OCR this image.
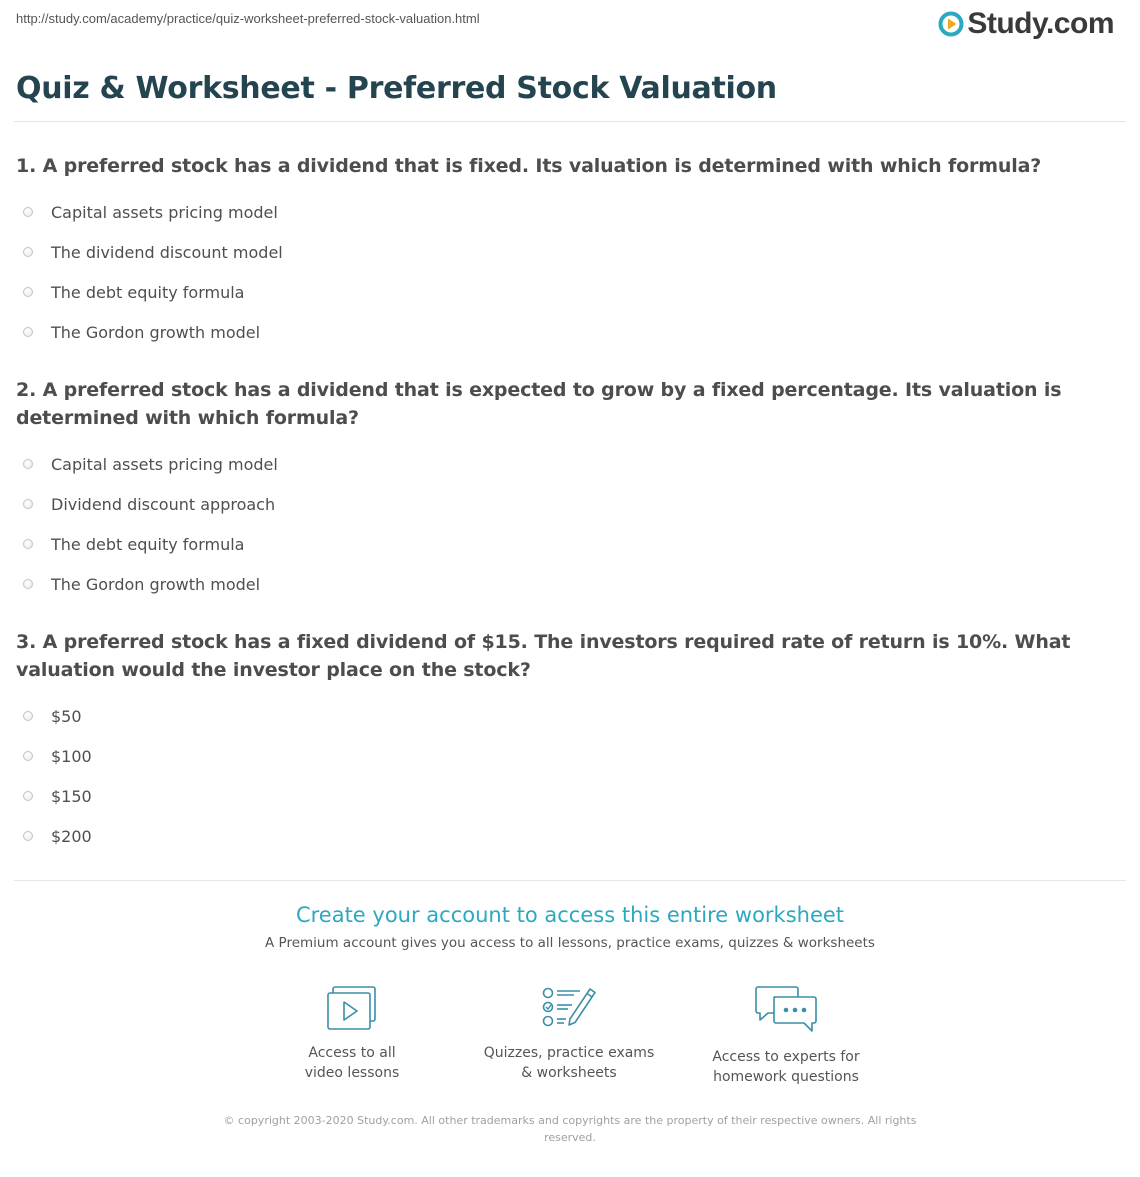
http://study.com/academy/practice/quiz-worksheet-preferred-stock-valuation.html	Study.com
Quiz & Worksheet - Preferred Stock Valuation

1. A preferred stock has a dividend that is fixed. Its valuation is determined with which formula?

Capital assets pricing model
The dividend discount model
The debt equity formula
The Gordon growth model

2. A preferred stock has a dividend that is expected to grow by a fixed percentage. Its valuation is determined with which formula?

Capital assets pricing model
Dividend discount approach
The debt equity formula
The Gordon growth model

3. A preferred stock has a fixed dividend of $15. The investors required rate of return is 10%. What valuation would the investor place on the stock?

$50
$100
$150
$200

Create your account to access this entire worksheet

A Premium account gives you access to all lessons, practice exams, quizzes & worksheets
Access to all
video lessons
Quizzes, practice exams
& worksheets
Access to experts for
homework questions
© copyright 2003-2020 Study.com. All other trademarks and copyrights are the property of their respective owners. All rights
reserved.
